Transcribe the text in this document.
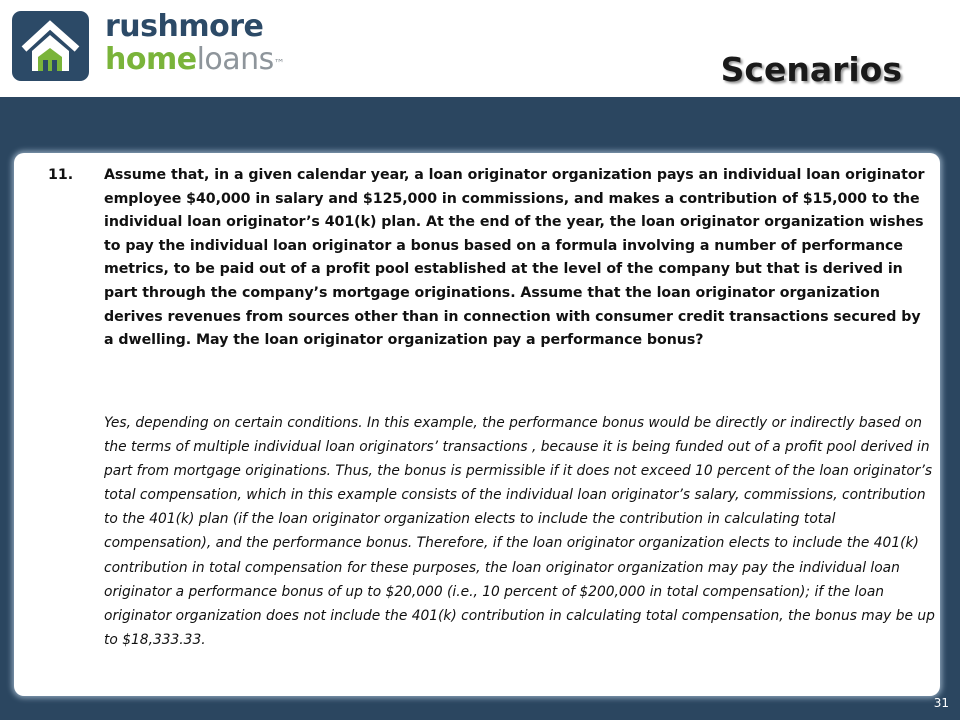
rushmore
homeloans™	Scenarios
11.	Assume that, in a given calendar year, a loan originator organization pays an individual loan originator employee $40,000 in salary and $125,000 in commissions, and makes a contribution of $15,000 to the individual loan originator’s 401(k) plan. At the end of the year, the loan originator organization wishes to pay the individual loan originator a bonus based on a formula involving a number of performance metrics, to be paid out of a profit pool established at the level of the company but that is derived in part through the company’s mortgage originations. Assume that the loan originator organization derives revenues from sources other than in connection with consumer credit transactions secured by a dwelling. May the loan originator organization pay a performance bonus?
Yes, depending on certain conditions. In this example, the performance bonus would be directly or indirectly based on the terms of multiple individual loan originators’ transactions , because it is being funded out of a profit pool derived in part from mortgage originations. Thus, the bonus is permissible if it does not exceed 10 percent of the loan originator’s total compensation, which in this example consists of the individual loan originator’s salary, commissions, contribution to the 401(k) plan (if the loan originator organization elects to include the contribution in calculating total compensation), and the performance bonus. Therefore, if the loan originator organization elects to include the 401(k) contribution in total compensation for these purposes, the loan originator organization may pay the individual loan originator a performance bonus of up to $20,000 (i.e., 10 percent of $200,000 in total compensation); if the loan originator organization does not include the 401(k) contribution in calculating total compensation, the bonus may be up to $18,333.33.
31
